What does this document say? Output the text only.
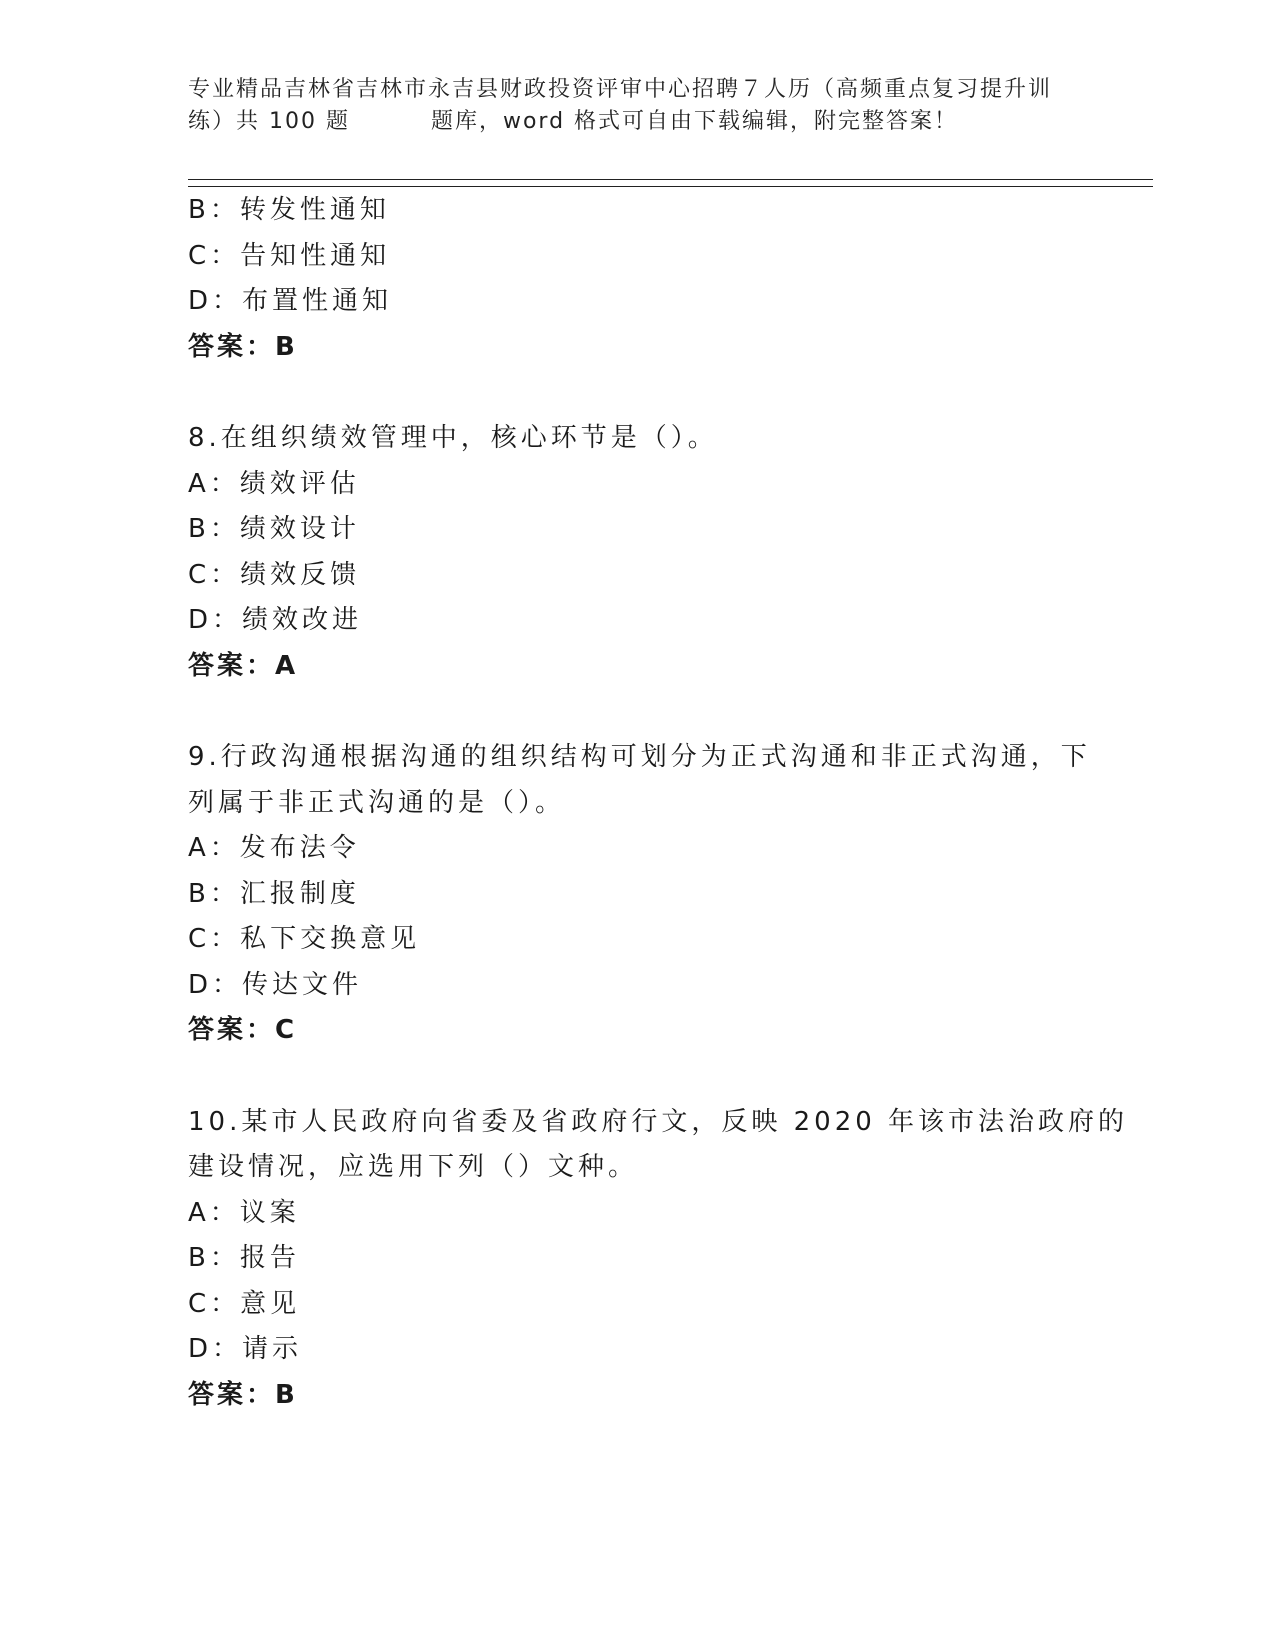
专业精品吉林省吉林市永吉县财政投资评审中心招聘７人历（高频重点复习提升训
练）共 100 题　　　 题库，word 格式可自由下载编辑，附完整答案！
B：转发性通知
C：告知性通知
D：布置性通知
答案：B
8.在组织绩效管理中，核心环节是（）。
A：绩效评估
B：绩效设计
C：绩效反馈
D：绩效改进
答案：A
9.行政沟通根据沟通的组织结构可划分为正式沟通和非正式沟通，下
列属于非正式沟通的是（）。
A：发布法令
B：汇报制度
C：私下交换意见
D：传达文件
答案：C
10.某市人民政府向省委及省政府行文，反映 2020 年该市法治政府的
建设情况，应选用下列（）文种。
A：议案
B：报告
C：意见
D：请示
答案：B
